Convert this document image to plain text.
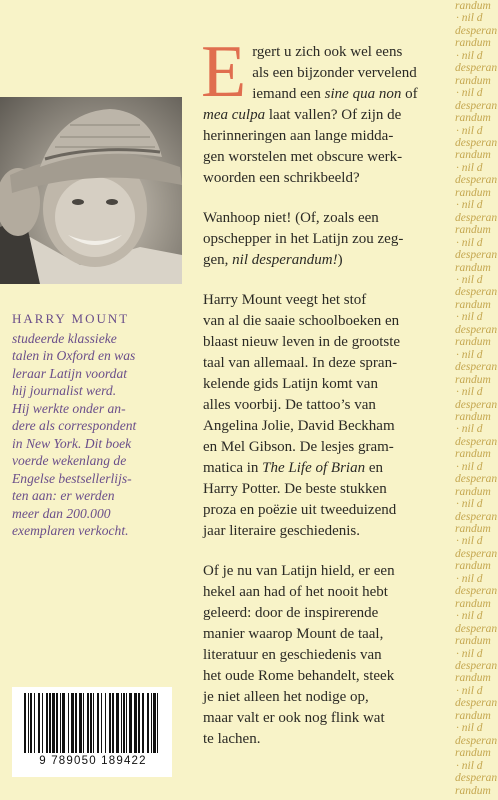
HARRY MOUNT
studeerde klassieke
talen in Oxford en was
leraar Latijn voordat
hij journalist werd.
Hij werkte onder an-
dere als correspondent
in New York. Dit boek
voerde wekenlang de
Engelse bestsellerlijs-
ten aan: er werden
meer dan 200.000
exemplaren verkocht.

Ergert u zich ook wel eens
als een bijzonder vervelend
iemand een sine qua non of
mea culpa laat vallen? Of zijn de
herinneringen aan lange midda-
gen worstelen met obscure werk-
woorden een schrikbeeld?

Wanhoop niet! (Of, zoals een
opschepper in het Latijn zou zeg-
gen, nil desperandum!)

Harry Mount veegt het stof
van al die saaie schoolboeken en
blaast nieuw leven in de grootste
taal van allemaal. In deze spran-
kelende gids Latijn komt van
alles voorbij. De tattoo’s van
Angelina Jolie, David Beckham
en Mel Gibson. De lesjes gram-
matica in The Life of Brian en
Harry Potter. De beste stukken
proza en poëzie uit tweeduizend
jaar literaire geschiedenis.

Of je nu van Latijn hield, er een
hekel aan had of het nooit hebt
geleerd: door de inspirerende
manier waarop Mount de taal,
literatuur en geschiedenis van
het oude Rome behandelt, steek
je niet alleen het nodige op,
maar valt er ook nog flink wat
te lachen.

randum
· nil d
desperan
randum
· nil d
desperan
randum
· nil d
desperan
randum
· nil d
desperan
randum
· nil d
desperan
randum
· nil d
desperan
randum
· nil d
desperan
randum
· nil d
desperan
randum
· nil d
desperan
randum
· nil d
desperan
randum
· nil d
desperan
randum
· nil d
desperan
randum
· nil d
desperan
randum
· nil d
desperan
randum
· nil d
desperan
randum
· nil d
desperan
randum
· nil d
desperan
randum
· nil d
desperan
randum
· nil d
desperan
randum
· nil d
desperan
randum
· nil d
desperan
randum
9 789050 189422
